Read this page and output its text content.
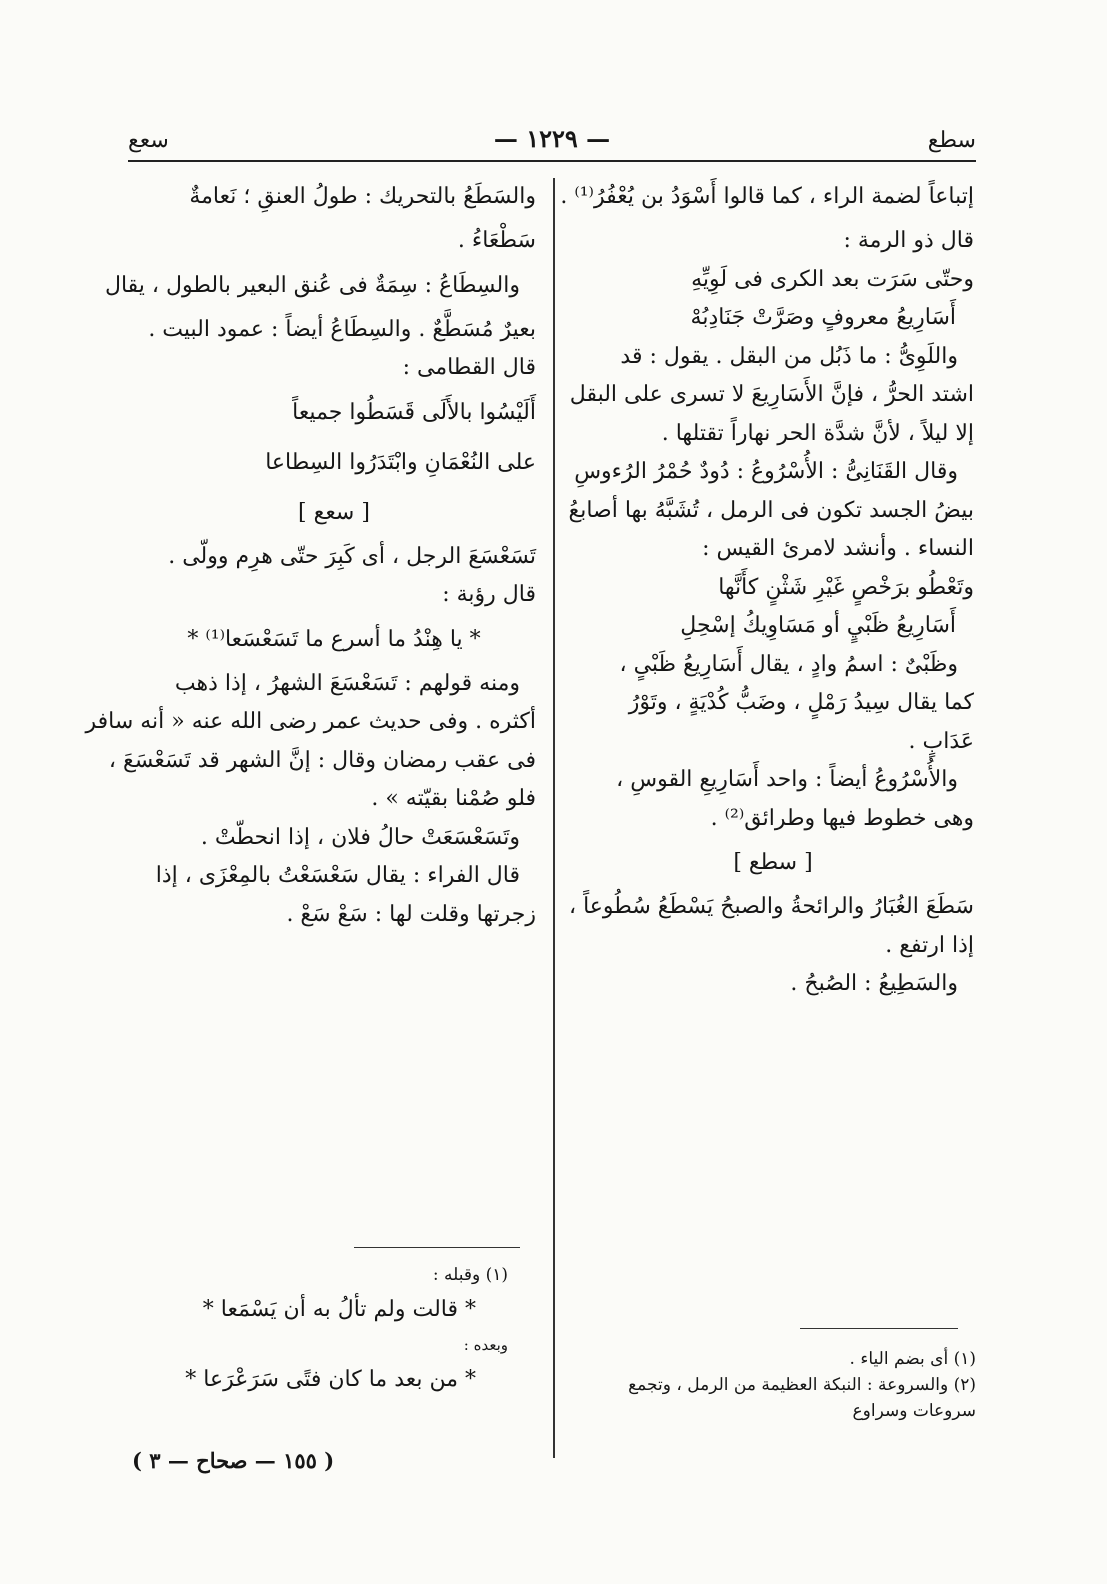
سطع
— ١٢٢٩ —
سعع
إتباعاً لضمة الراء ، كما قالوا أَسْوَدُ بن يُعْفُرُ⁽¹⁾ .
قال ذو الرمة :
وحتّى سَرَت بعد الكرى فى لَوِيِّهِ
أَسَارِيعُ معروفٍ وصَرَّتْ جَنَادِبُهْ
واللَوِىُّ : ما ذَبُل من البقل . يقول : قد
اشتد الحرُّ ، فإنَّ الأَسَارِيعَ لا تسرى على البقل
إلا ليلاً ، لأنَّ شدَّة الحر نهاراً تقتلها .
وقال القَنَانِىُّ : الأُسْرُوعُ : دُودٌ حُمْرُ الرُءوسِ
بيضُ الجسد تكون فى الرمل ، تُشَبَّهُ بها أصابعُ
النساء . وأنشد لامرئ القيس :
وتَعْطُو برَخْصٍ غَيْرِ شَثْنٍ كأَنَّها
أَسَارِيعُ ظَبْيٍ أو مَسَاوِيكُ إسْحِلِ
وظَبْىٌ : اسمُ وادٍ ، يقال أَسَارِيعُ ظَبْىٍ ،
كما يقال سِيدُ رَمْلٍ ، وضَبُّ كُدْيَةٍ ، وتَوْرُ
عَدَابٍ .
والأُسْرُوعُ أيضاً : واحد أَسَارِيعِ القوسِ ،
وهى خطوط فيها وطرائق⁽²⁾ .
[ سطع ]
سَطَعَ الغُبَارُ والرائحةُ والصبحُ يَسْطَعُ سُطُوعاً ،
إذا ارتفع .
والسَطِيعُ : الصُبحُ .
(١) أى بضم الياء .
(٢) والسروعة : النبكة العظيمة من الرمل ، وتجمع
سروعات وسراوع
والسَطَعُ بالتحريك : طولُ العنقِ ؛ نَعامةٌ
سَطْعَاءُ .
والسِطَاعُ : سِمَةٌ فى عُنق البعير بالطول ، يقال
بعيرٌ مُسَطَّعٌ . والسِطَاعُ أيضاً : عمود البيت .
قال القطامى :
أَلَيْسُوا بالأَلَى قَسَطُوا جميعاً
على النُعْمَانِ وابْتَدَرُوا السِطاعا
[ سعع ]
تَسَعْسَعَ الرجل ، أى كَبِرَ حتّى هرِم وولّى .
قال رؤبة :
* يا هِنْدُ ما أسرع ما تَسَعْسَعا⁽¹⁾ *
ومنه قولهم : تَسَعْسَعَ الشهرُ ، إذا ذهب
أكثره . وفى حديث عمر رضى الله عنه « أنه سافر
فى عقب رمضان وقال : إنَّ الشهر قد تَسَعْسَعَ ،
فلو صُمْنا بقيّته » .
وتَسَعْسَعَتْ حالُ فلان ، إذا انحطّتْ .
قال الفراء : يقال سَعْسَعْتُ بالمِعْزَى ، إذا
زجرتها وقلت لها : سَعْ سَعْ .
(١) وقبله :
* قالت ولم تألُ به أن يَسْمَعا *
وبعده :
* من بعد ما كان فتًى سَرَعْرَعا *
( ١٥٥ — صحاح — ٣ )
